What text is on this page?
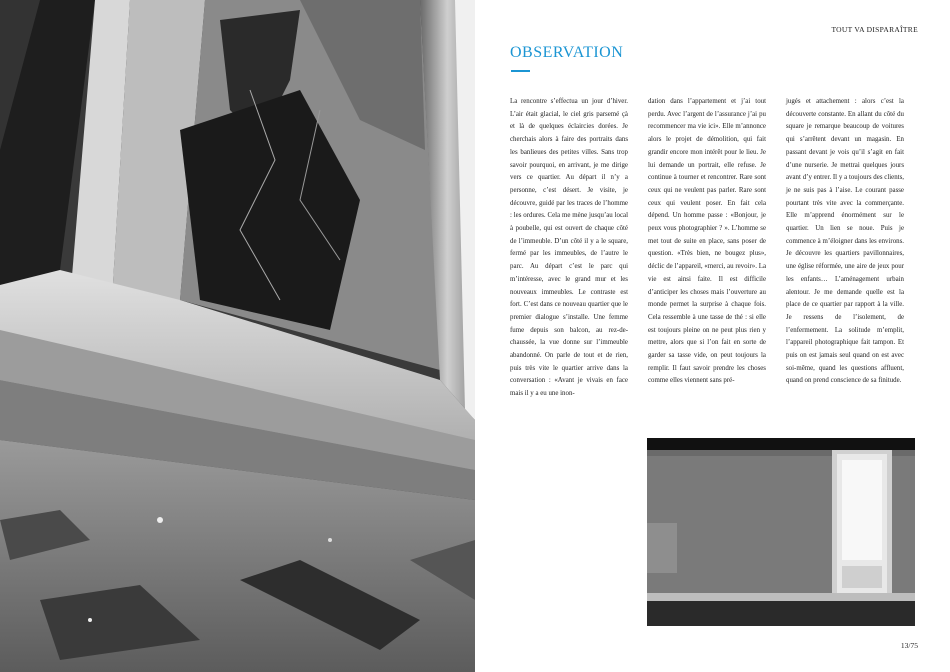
TOUT VA DISPARAÎTRE
OBSERVATION
La rencontre s’effectua un jour d’hiver. L’air était glacial, le ciel gris parsemé çà et là de quelques éclaircies dorées. Je cherchais alors à faire des portraits dans les banlieues des petites villes. Sans trop savoir pourquoi, en arrivant, je me dirige vers ce quartier. Au départ il n’y a personne, c’est désert. Je visite, je découvre, guidé par les traces de l’homme : les ordures. Cela me mène jusqu’au local à poubelle, qui est ouvert de chaque côté de l’immeuble. D’un côté il y a le square, fermé par les immeubles, de l’autre le parc. Au départ c’est le parc qui m’intéresse, avec le grand mur et les nouveaux immeubles. Le contraste est fort. C’est dans ce nouveau quartier que le premier dialogue s’installe. Une femme fume depuis son balcon, au rez-de-chaussée, la vue donne sur l’immeuble abandonné. On parle de tout et de rien, puis très vite le quartier arrive dans la conversation : «Avant je vivais en face mais il y a eu une inon-
dation dans l’appartement et j’ai tout perdu. Avec l’argent de l’assurance j’ai pu recommencer ma vie ici». Elle m’annonce alors le projet de démolition, qui fait grandir encore mon intérêt pour le lieu. Je lui demande un portrait, elle refuse. Je continue à tourner et rencontrer. Rare sont ceux qui ne veulent pas parler. Rare sont ceux qui veulent poser. En fait cela dépend. Un homme passe : «Bonjour, je peux vous photographier ? ». L’homme se met tout de suite en place, sans poser de question. «Très bien, ne bougez plus», déclic de l’appareil, «merci, au revoir». La vie est ainsi faite. Il est difficile d’anticiper les choses mais l’ouverture au monde permet la surprise à chaque fois. Cela ressemble à une tasse de thé : si elle est toujours pleine on ne peut plus rien y mettre, alors que si l’on fait en sorte de garder sa tasse vide, on peut toujours la remplir. Il faut savoir prendre les choses comme elles viennent sans pré-
jugés et attachement : alors c’est la découverte constante. En allant du côté du square je remarque beaucoup de voitures qui s’arrêtent devant un magasin. En passant devant je vois qu’il s’agit en fait d’une nurserie. Je mettrai quelques jours avant d’y entrer. Il y a toujours des clients, je ne suis pas à l’aise. Le courant passe pourtant très vite avec la commerçante. Elle m’apprend énormément sur le quartier. Un lien se noue. Puis je commence à m’éloigner dans les environs. Je découvre les quartiers pavillonnaires, une église réformée, une aire de jeux pour les enfants… L’aménagement urbain alentour. Je me demande quelle est la place de ce quartier par rapport à la ville. Je ressens de l’isolement, de l’enfermement. La solitude m’emplit, l’appareil photographique fait tampon. Et puis on est jamais seul quand on est avec soi-même, quand les questions affluent, quand on prend conscience de sa finitude.
13/75
